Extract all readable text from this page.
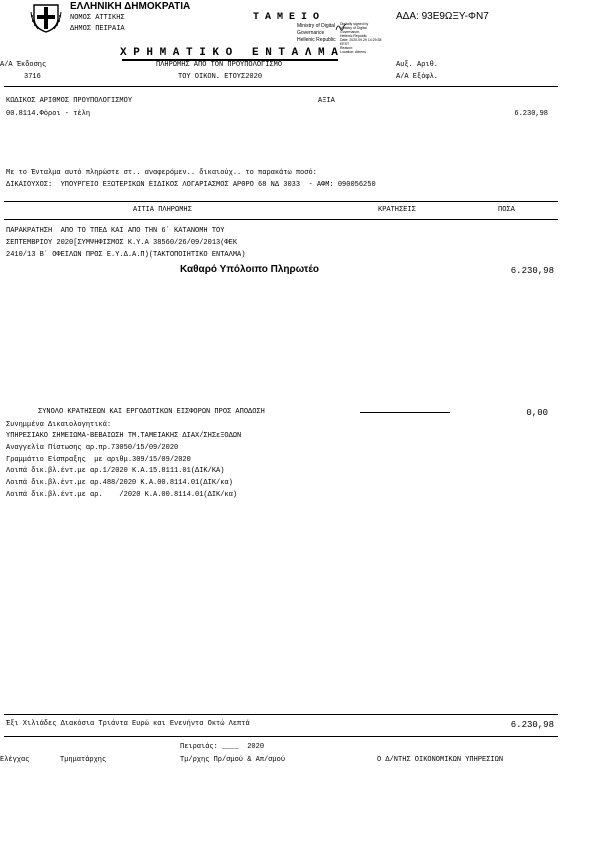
ΕΛΛΗΝΙΚΗ ΔΗΜΟΚΡΑΤΙΑ
ΝΟΜΟΣ ΑΤΤΙΚΗΣ
ΔΗΜΟΣ ΠΕΙΡΑΙΑ
Τ Α Μ Ε Ι Ο
Ministry of Digital
Governance
Hellenic Republic
Digitally signed by
Ministry of Digital
Governance,
Hellenic Republic
Date: 2020.09.29 14:29:38
EEST
Reason:
Location: Athens
ΑΔΑ: 93Ε9ΩΞΥ-ΦΝ7
Χ Ρ Η Μ Α Τ Ι Κ Ο   Ε Ν Τ Α Λ Μ Α
Α/Α Έκδοσης
3716
ΠΛΗΡΩΜΗΣ ΑΠΟ ΤΟΝ ΠΡΟΫΠΟΛΟΓΙΣΜΟ
ΤΟΥ ΟΙΚΟΝ. ΕΤΟΥΣ2020
Αυξ. Αριθ.
Α/Α Εξόφλ.
ΚΩΔΙΚΟΣ ΑΡΙΘΜΟΣ ΠΡΟΥΠΟΛΟΓΙΣΜΟΥ	ΑΞΙΑ
00.8114.Φόροι - τέλη	6.230,98
Με το Ένταλμα αυτό πληρώστε στ.. αναφερόμεν.. δικαιούχ.. το παρακάτω ποσό:
ΔΙΚΑΙΟΥΧΟΣ:  ΥΠΟΥΡΓΕΙΟ ΕΞΩΤΕΡΙΚΩΝ ΕΙΔΙΚΟΣ ΛΟΓΑΡΙΑΣΜΟΣ ΑΡΘΡΟ 68 ΝΔ 3033  - ΑΦΜ: 090056250
ΑΙΤΙΑ ΠΛΗΡΩΜΗΣ	ΚΡΑΤΗΣΕΙΣ	ΠΟΣΑ
ΠΑΡΑΚΡΑΤΗΣΗ  ΑΠΟ ΤΟ ΤΠΕΔ ΚΑΙ ΑΠΟ ΤΗΝ 6΄ ΚΑΤΑΝΟΜΗ ΤΟΥ
ΣΕΠΤΕΜΒΡΙΟΥ 2020[ΣΥΜΨΗΦΙΣΜΟΣ Κ.Υ.Α 38560/26/09/2013(ΦΕΚ
2410/13 Β΄ ΟΦΕΙΛΩΝ ΠΡΟΣ Ε.Υ.Δ.Α.Π)(ΤΑΚΤΟΠΟΙΗΤΙΚΟ ΕΝΤΑΛΜΑ)
Καθαρό Υπόλοιπο Πληρωτέο	6.230,98
ΣΥΝΟΛΟ ΚΡΑΤΗΣΕΩΝ ΚΑΙ ΕΡΓΟΔΟΤΙΚΩΝ ΕΙΣΦΟΡΩΝ ΠΡΟΣ ΑΠΟΔΟΣΗ	0,00
Συνημμένα Δικαιολογητικά:
ΥΠΗΡΕΣΙΑΚΟ ΣΗΜΕΙΩΜΑ-ΒΕΒΑΙΩΣΗ ΤΜ.ΤΑΜΕΙΑΚΗΣ ΔΙΑΧ/ΣΗΣεΞΟΔΩΝ
Αναγγελία Πίστωσης αρ.πρ.73050/15/09/2020
Γραμμάτιο Είσπραξης  με αριθμ.309/15/09/2020
Λοιπά δικ.βλ.έντ.με αρ.1/2020 Κ.Α.15.8111.01(ΔΙΚ/ΚΑ)
Λοιπά δικ.βλ.έντ.με αρ.488/2020 Κ.Α.00.8114.01(ΔΙΚ/κα)
Λοιπά δικ.βλ.έντ.με αρ.    /2020 Κ.Α.00.8114.01(ΔΙΚ/κα)
Έξι Χιλιάδες Διακόσια Τριάντα Ευρώ και Ενενήντα Οκτώ Λεπτά	6.230,98
Πειραιάς: ____  2020
Ελέγχας	Τμηματάρχης	Τμ/ρχης Πρ/σμού & Απ/σμού	Ο Δ/ΝΤΗΣ ΟΙΚΟΝΟΜΙΚΩΝ ΥΠΗΡΕΣΙΩΝ
